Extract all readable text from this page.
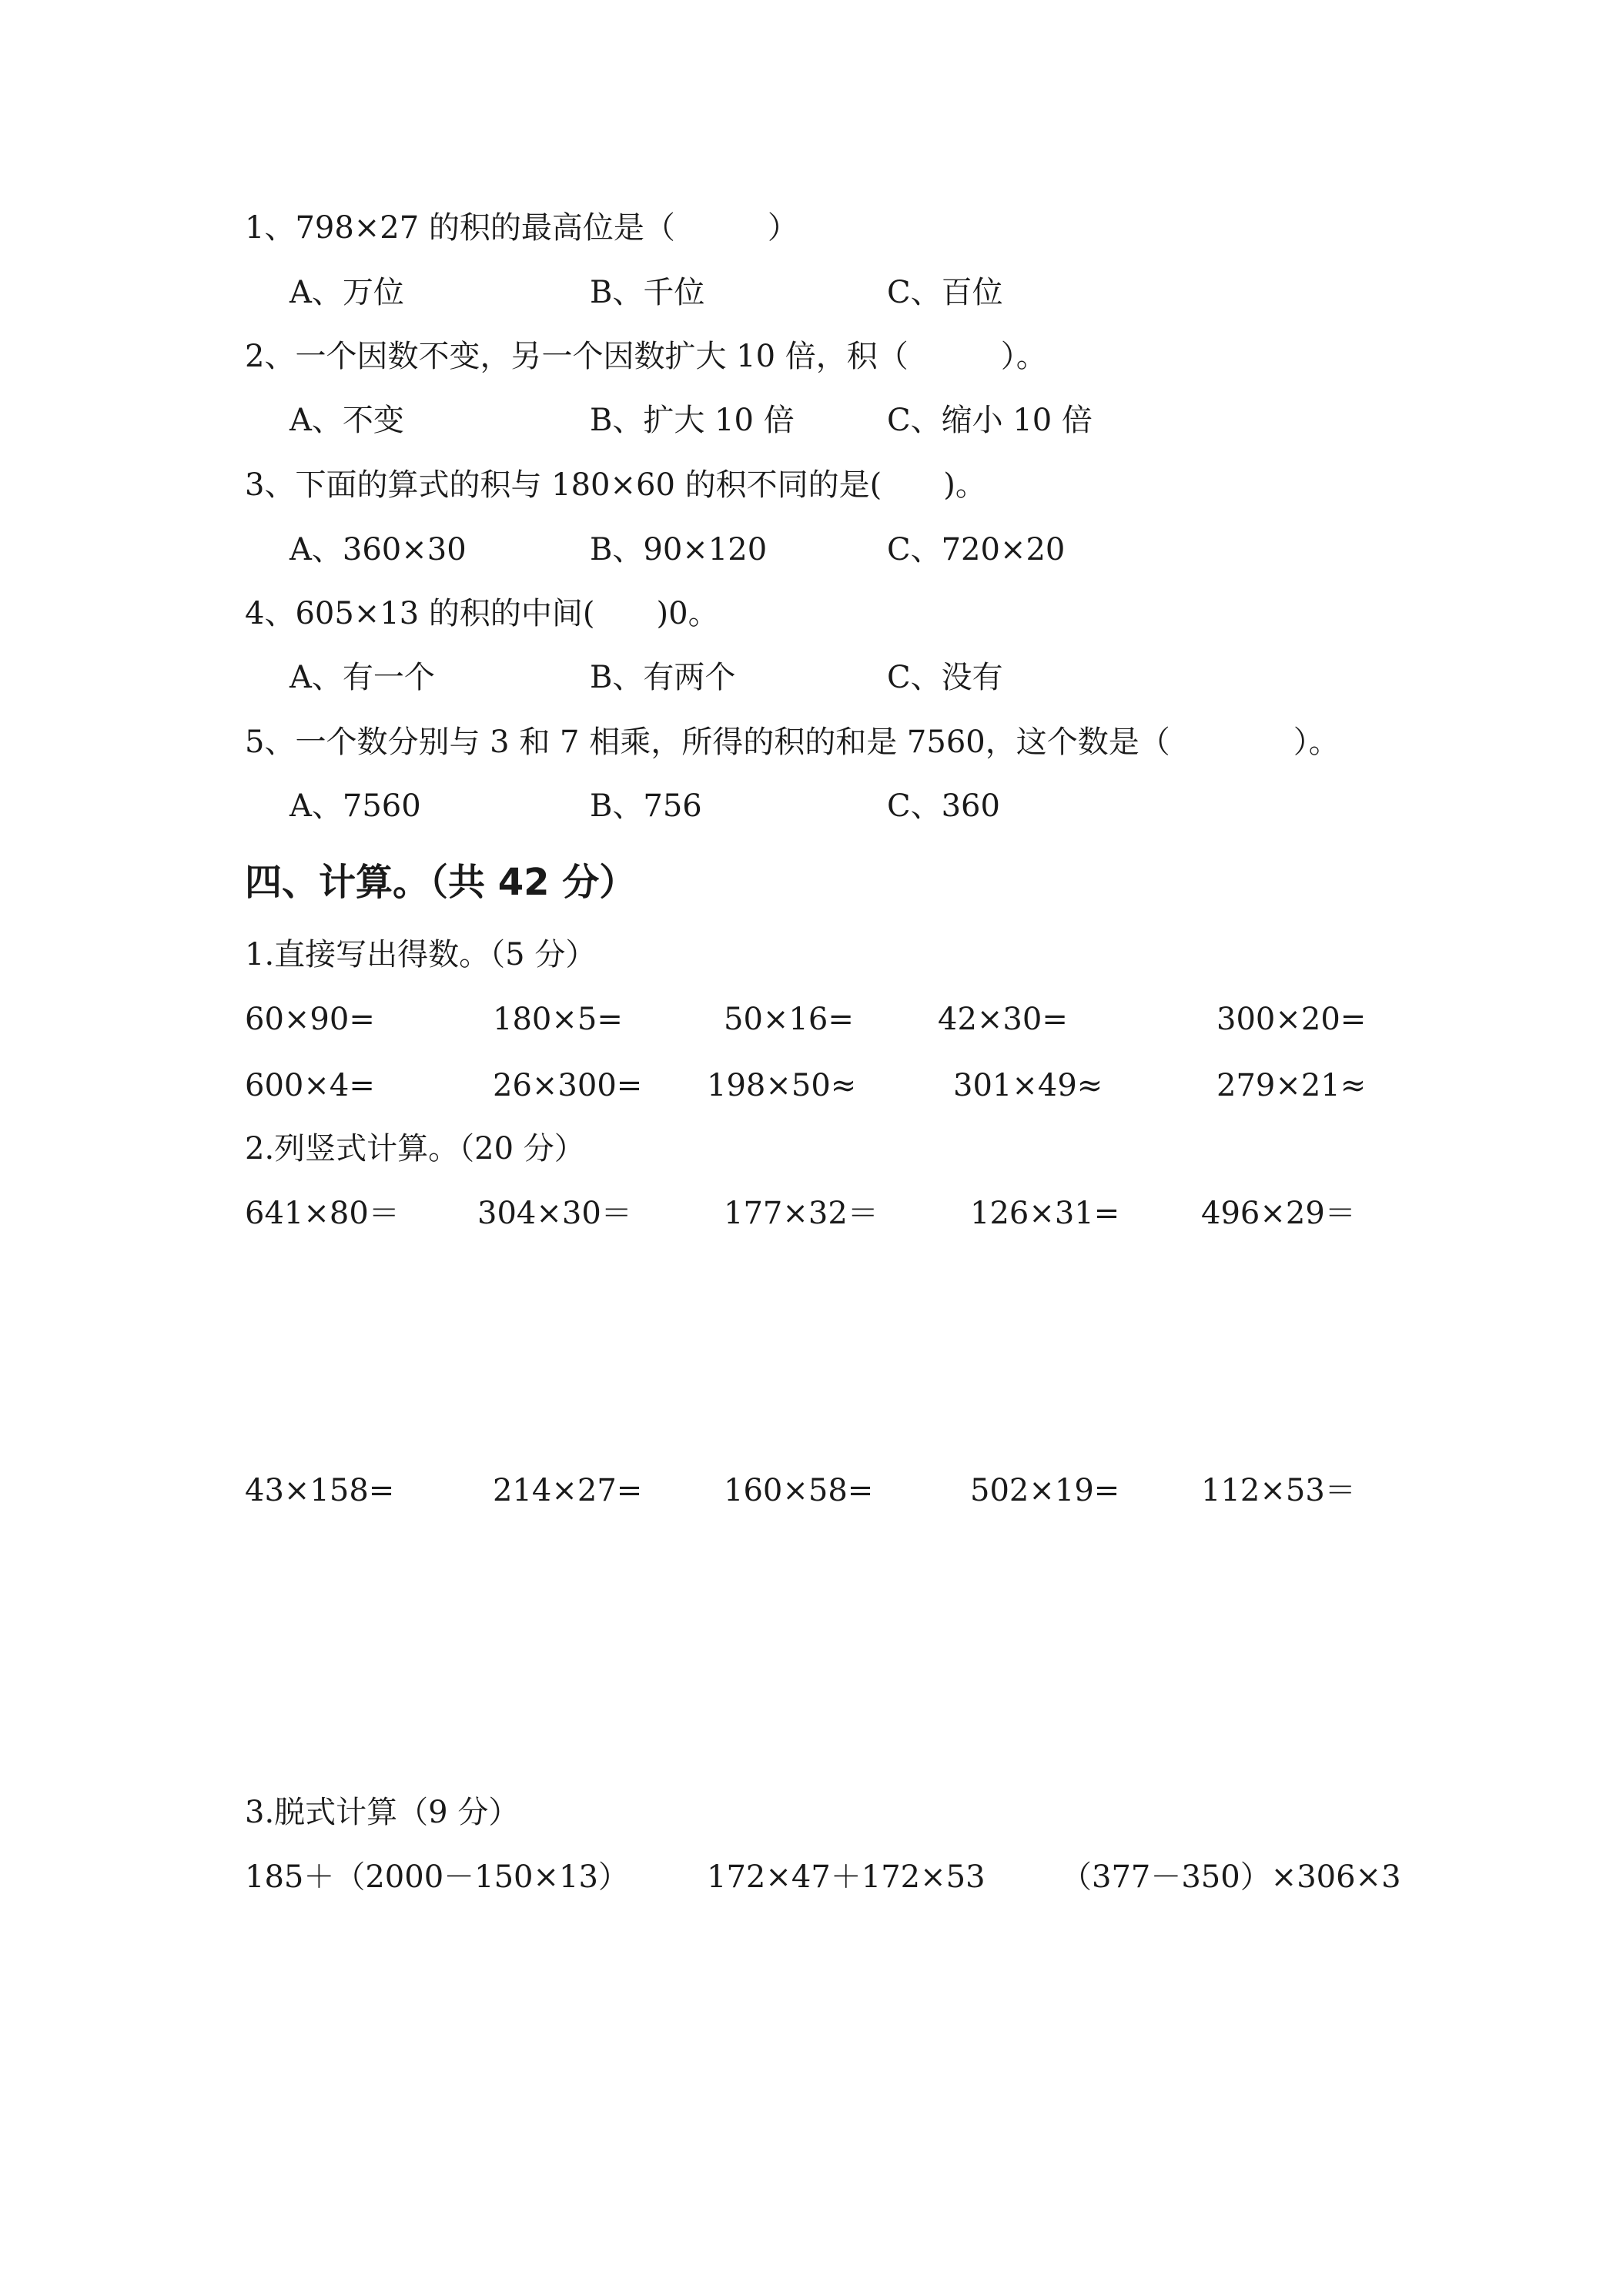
1、798×27 的积的最高位是（　　　）
A、万位	B、千位	C、百位
2、一个因数不变，另一个因数扩大 10 倍，积（　　　）。
A、不变	B、扩大 10 倍	C、缩小 10 倍
3、下面的算式的积与 180×60 的积不同的是(　　)。
A、360×30	B、90×120	C、720×20
4、605×13 的积的中间(　　)0。
A、有一个	B、有两个	C、没有
5、一个数分别与 3 和 7 相乘，所得的积的和是 7560，这个数是（　　　　）。
A、7560	B、756	C、360
四、计算。（共 42 分）
1.直接写出得数。（5 分）
60×90=	180×5=	50×16=	42×30=	300×20=
600×4=	26×300= 198×50≈	301×49≈	279×21≈
2.列竖式计算。（20 分）
641×80＝	304×30＝	177×32＝	126×31=	496×29＝
43×158=	214×27=	160×58=	502×19=	112×53＝
3.脱式计算（9 分）
185＋（2000－150×13）	172×47＋172×53 （377－350）×306×3
